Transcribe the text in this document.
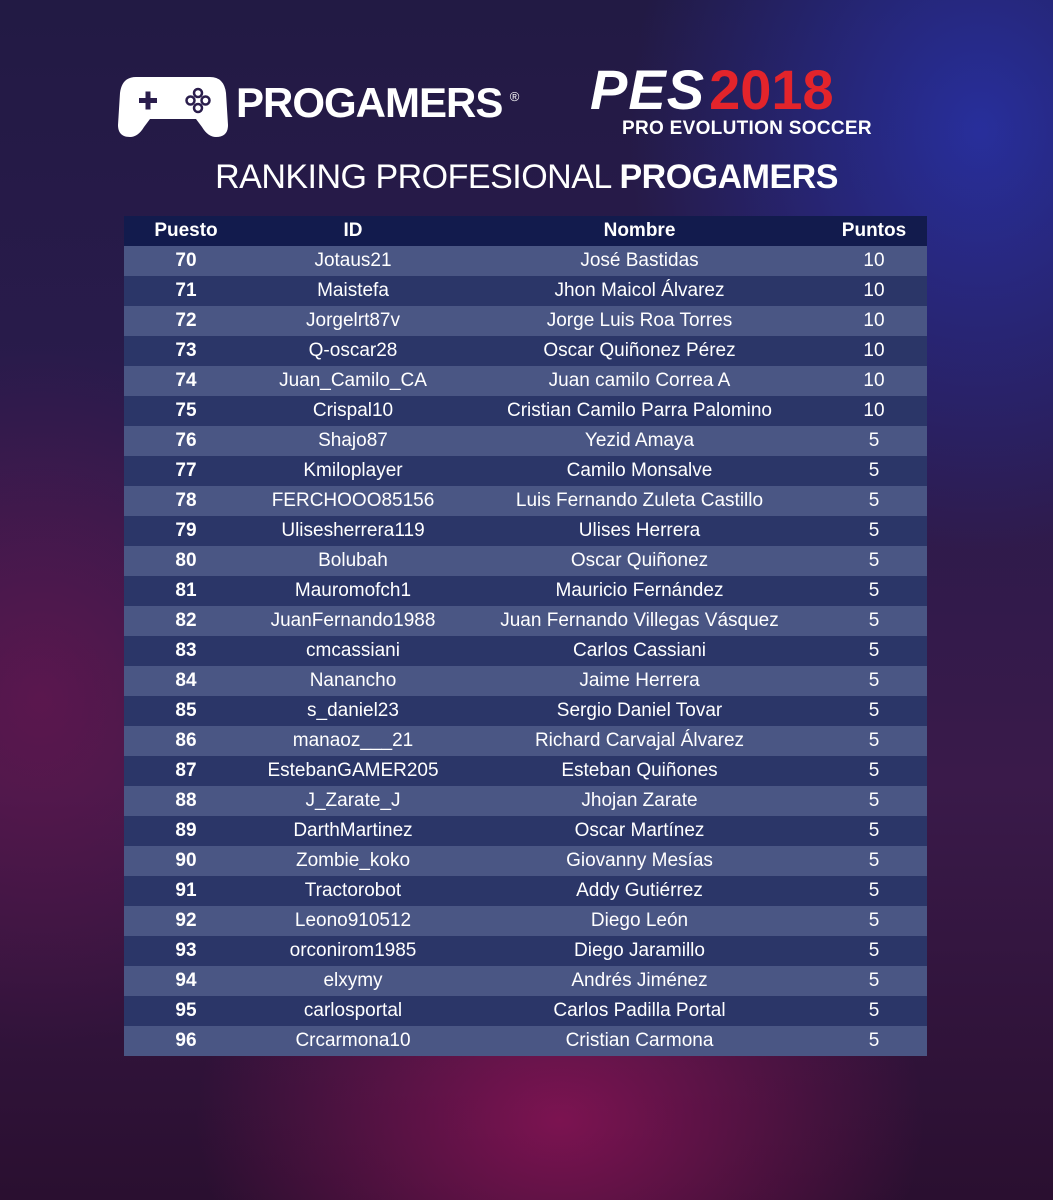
PROGAMERS ® PES 2018
PRO EVOLUTION SOCCER
RANKING PROFESIONAL PROGAMERS
Puesto	ID	Nombre	Puntos
70	Jotaus21	José Bastidas	10
71	Maistefa	Jhon Maicol Álvarez	10
72	Jorgelrt87v	Jorge Luis Roa Torres	10
73	Q-oscar28	Oscar Quiñonez Pérez	10
74	Juan_Camilo_CA	Juan camilo Correa A	10
75	Crispal10	Cristian Camilo Parra Palomino	10
76	Shajo87	Yezid Amaya	5
77	Kmiloplayer	Camilo Monsalve	5
78	FERCHOOO85156	Luis Fernando Zuleta Castillo	5
79	Ulisesherrera119	Ulises Herrera	5
80	Bolubah	Oscar Quiñonez	5
81	Mauromofch1	Mauricio Fernández	5
82	JuanFernando1988	Juan Fernando Villegas Vásquez	5
83	cmcassiani	Carlos Cassiani	5
84	Nanancho	Jaime Herrera	5
85	s_daniel23	Sergio Daniel Tovar	5
86	manaoz___21	Richard Carvajal Álvarez	5
87	EstebanGAMER205	Esteban Quiñones	5
88	J_Zarate_J	Jhojan Zarate	5
89	DarthMartinez	Oscar Martínez	5
90	Zombie_koko	Giovanny Mesías	5
91	Tractorobot	Addy Gutiérrez	5
92	Leono910512	Diego León	5
93	orconirom1985	Diego Jaramillo	5
94	elxymy	Andrés Jiménez	5
95	carlosportal	Carlos Padilla Portal	5
96	Crcarmona10	Cristian Carmona	5
